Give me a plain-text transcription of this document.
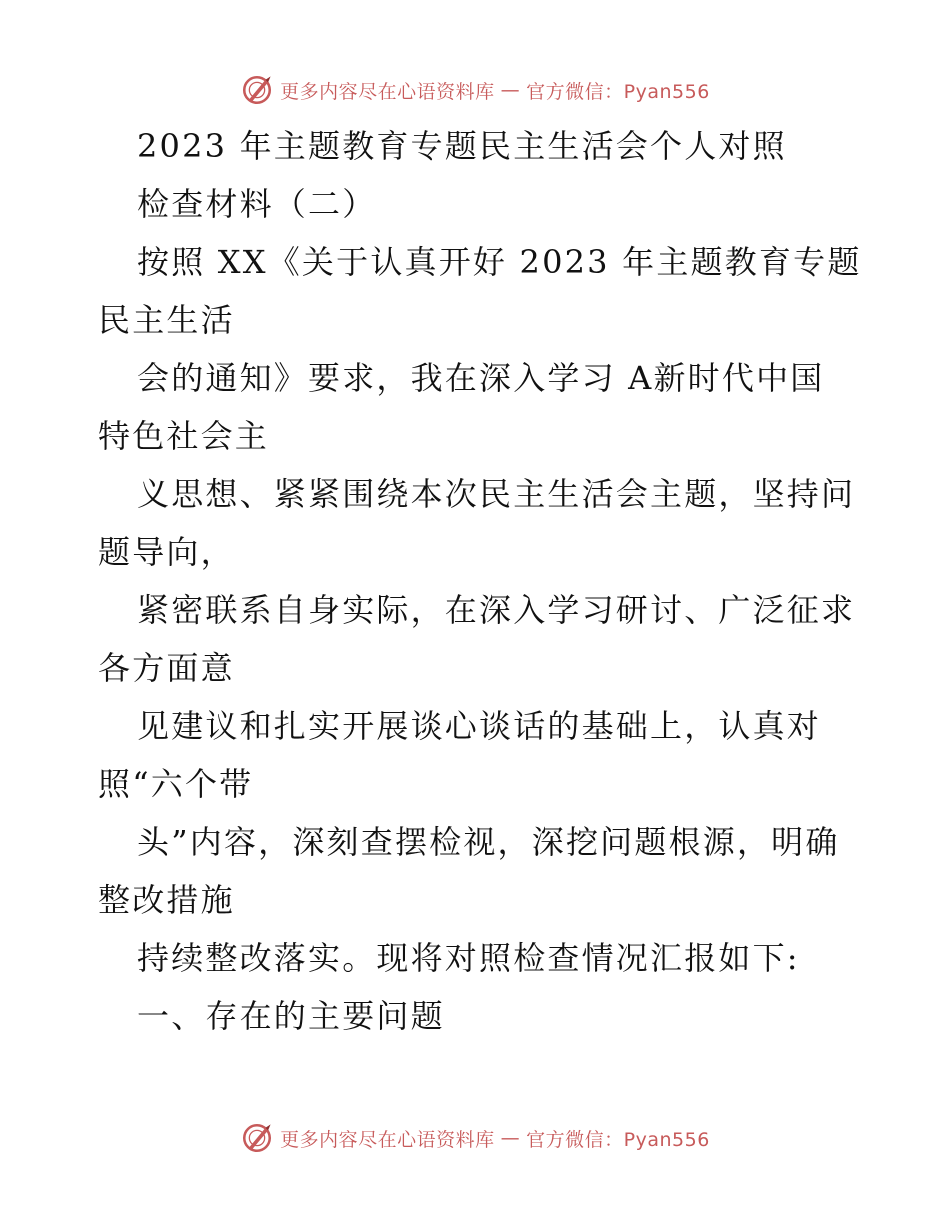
更多内容尽在心语资料库 — 官方微信：Pyan556
2023 年主题教育专题民主生活会个人对照
检查材料（二）
按照 XX《关于认真开好 2023 年主题教育专题
民主生活
会的通知》要求，我在深入学习 A新时代中国
特色社会主
义思想、紧紧围绕本次民主生活会主题，坚持问
题导向，
紧密联系自身实际，在深入学习研讨、广泛征求
各方面意
见建议和扎实开展谈心谈话的基础上，认真对
照“六个带
头”内容，深刻查摆检视，深挖问题根源，明确
整改措施
持续整改落实。现将对照检查情况汇报如下:
一、存在的主要问题
更多内容尽在心语资料库 — 官方微信：Pyan556
